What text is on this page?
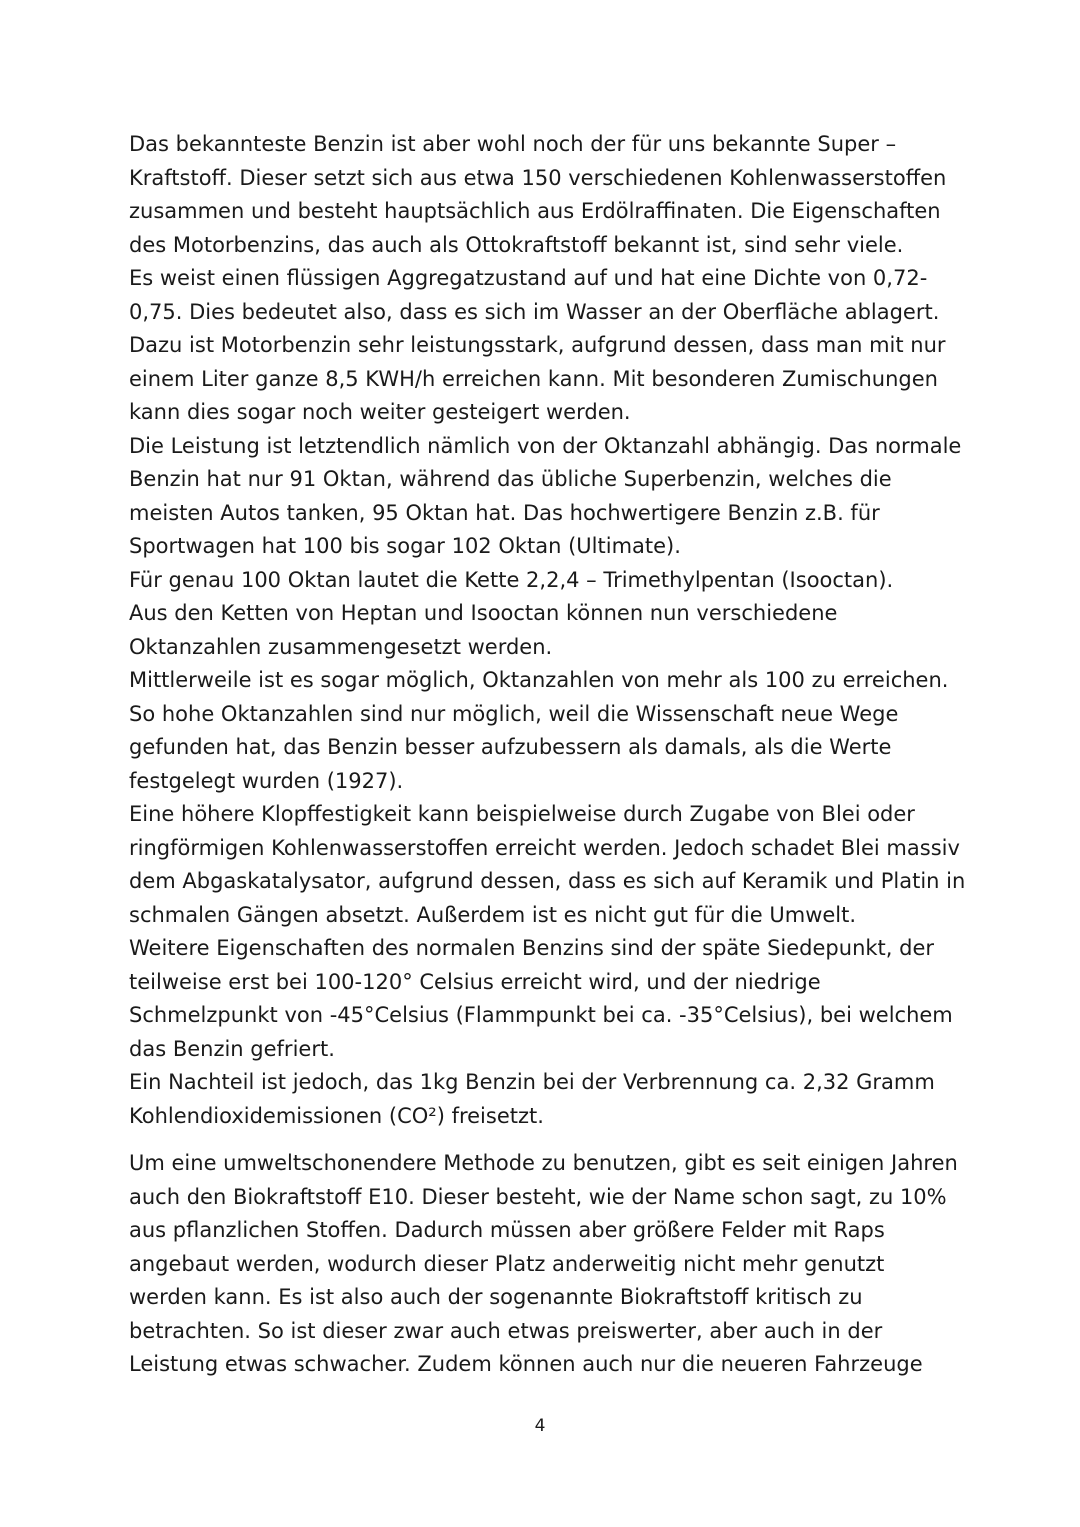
Das bekannteste Benzin ist aber wohl noch der für uns bekannte Super –
Kraftstoff. Dieser setzt sich aus etwa 150 verschiedenen Kohlenwasserstoffen
zusammen und besteht hauptsächlich aus Erdölraffinaten. Die Eigenschaften
des Motorbenzins, das auch als Ottokraftstoff bekannt ist, sind sehr viele.
Es weist einen flüssigen Aggregatzustand auf und hat eine Dichte von 0,72-
0,75. Dies bedeutet also, dass es sich im Wasser an der Oberfläche ablagert.
Dazu ist Motorbenzin sehr leistungsstark, aufgrund dessen, dass man mit nur
einem Liter ganze 8,5 KWH/h erreichen kann. Mit besonderen Zumischungen
kann dies sogar noch weiter gesteigert werden.
Die Leistung ist letztendlich nämlich von der Oktanzahl abhängig. Das normale
Benzin hat nur 91 Oktan, während das übliche Superbenzin, welches die
meisten Autos tanken, 95 Oktan hat. Das hochwertigere Benzin z.B. für
Sportwagen hat 100 bis sogar 102 Oktan (Ultimate).
Für genau 100 Oktan lautet die Kette 2,2,4 – Trimethylpentan (Isooctan).
Aus den Ketten von Heptan und Isooctan können nun verschiedene
Oktanzahlen zusammengesetzt werden.
Mittlerweile ist es sogar möglich, Oktanzahlen von mehr als 100 zu erreichen.
So hohe Oktanzahlen sind nur möglich, weil die Wissenschaft neue Wege
gefunden hat, das Benzin besser aufzubessern als damals, als die Werte
festgelegt wurden (1927).
Eine höhere Klopffestigkeit kann beispielweise durch Zugabe von Blei oder
ringförmigen Kohlenwasserstoffen erreicht werden. Jedoch schadet Blei massiv
dem Abgaskatalysator, aufgrund dessen, dass es sich auf Keramik und Platin in
schmalen Gängen absetzt. Außerdem ist es nicht gut für die Umwelt.
Weitere Eigenschaften des normalen Benzins sind der späte Siedepunkt, der
teilweise erst bei 100-120° Celsius erreicht wird, und der niedrige
Schmelzpunkt von -45°Celsius (Flammpunkt bei ca. -35°Celsius), bei welchem
das Benzin gefriert.
Ein Nachteil ist jedoch, das 1kg Benzin bei der Verbrennung ca. 2,32 Gramm
Kohlendioxidemissionen (CO²) freisetzt.
Um eine umweltschonendere Methode zu benutzen, gibt es seit einigen Jahren
auch den Biokraftstoff E10. Dieser besteht, wie der Name schon sagt, zu 10%
aus pflanzlichen Stoffen. Dadurch müssen aber größere Felder mit Raps
angebaut werden, wodurch dieser Platz anderweitig nicht mehr genutzt
werden kann. Es ist also auch der sogenannte Biokraftstoff kritisch zu
betrachten. So ist dieser zwar auch etwas preiswerter, aber auch in der
Leistung etwas schwacher. Zudem können auch nur die neueren Fahrzeuge
4
